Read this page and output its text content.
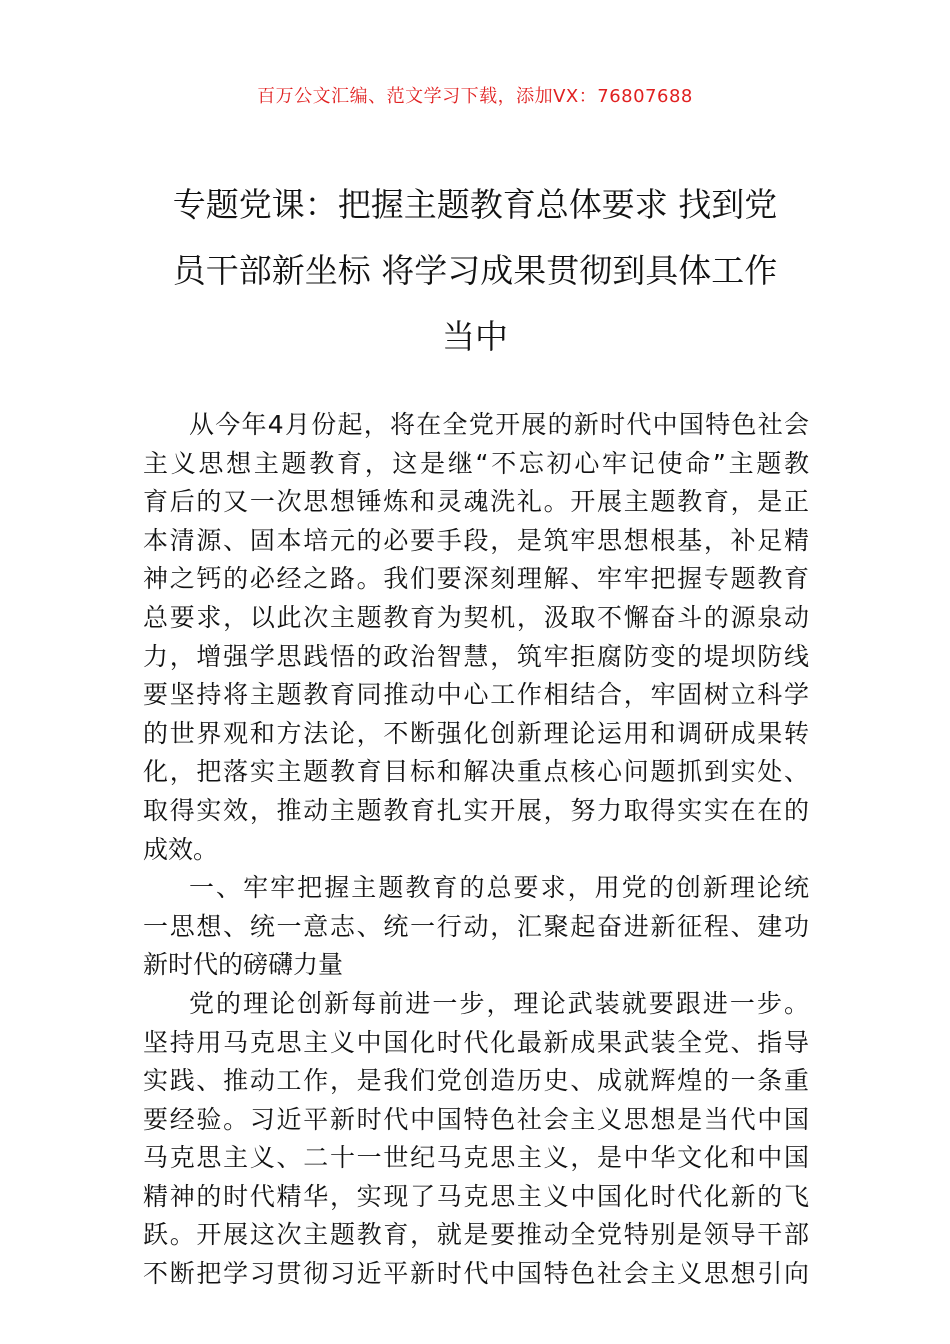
百万公文汇编、范文学习下载，添加VX：76807688
专题党课：把握主题教育总体要求 找到党
员干部新坐标 将学习成果贯彻到具体工作
当中
从今年4月份起，将在全党开展的新时代中国特色社会
主义思想主题教育，这是继“不忘初心牢记使命”主题教
育后的又一次思想锤炼和灵魂洗礼。开展主题教育，是正
本清源、固本培元的必要手段，是筑牢思想根基，补足精
神之钙的必经之路。我们要深刻理解、牢牢把握专题教育
总要求，以此次主题教育为契机，汲取不懈奋斗的源泉动
力，增强学思践悟的政治智慧，筑牢拒腐防变的堤坝防线
要坚持将主题教育同推动中心工作相结合，牢固树立科学
的世界观和方法论，不断强化创新理论运用和调研成果转
化，把落实主题教育目标和解决重点核心问题抓到实处、
取得实效，推动主题教育扎实开展，努力取得实实在在的
成效。
一、牢牢把握主题教育的总要求，用党的创新理论统
一思想、统一意志、统一行动，汇聚起奋进新征程、建功
新时代的磅礴力量
党的理论创新每前进一步，理论武装就要跟进一步。
坚持用马克思主义中国化时代化最新成果武装全党、指导
实践、推动工作，是我们党创造历史、成就辉煌的一条重
要经验。习近平新时代中国特色社会主义思想是当代中国
马克思主义、二十一世纪马克思主义，是中华文化和中国
精神的时代精华，实现了马克思主义中国化时代化新的飞
跃。开展这次主题教育，就是要推动全党特别是领导干部
不断把学习贯彻习近平新时代中国特色社会主义思想引向
